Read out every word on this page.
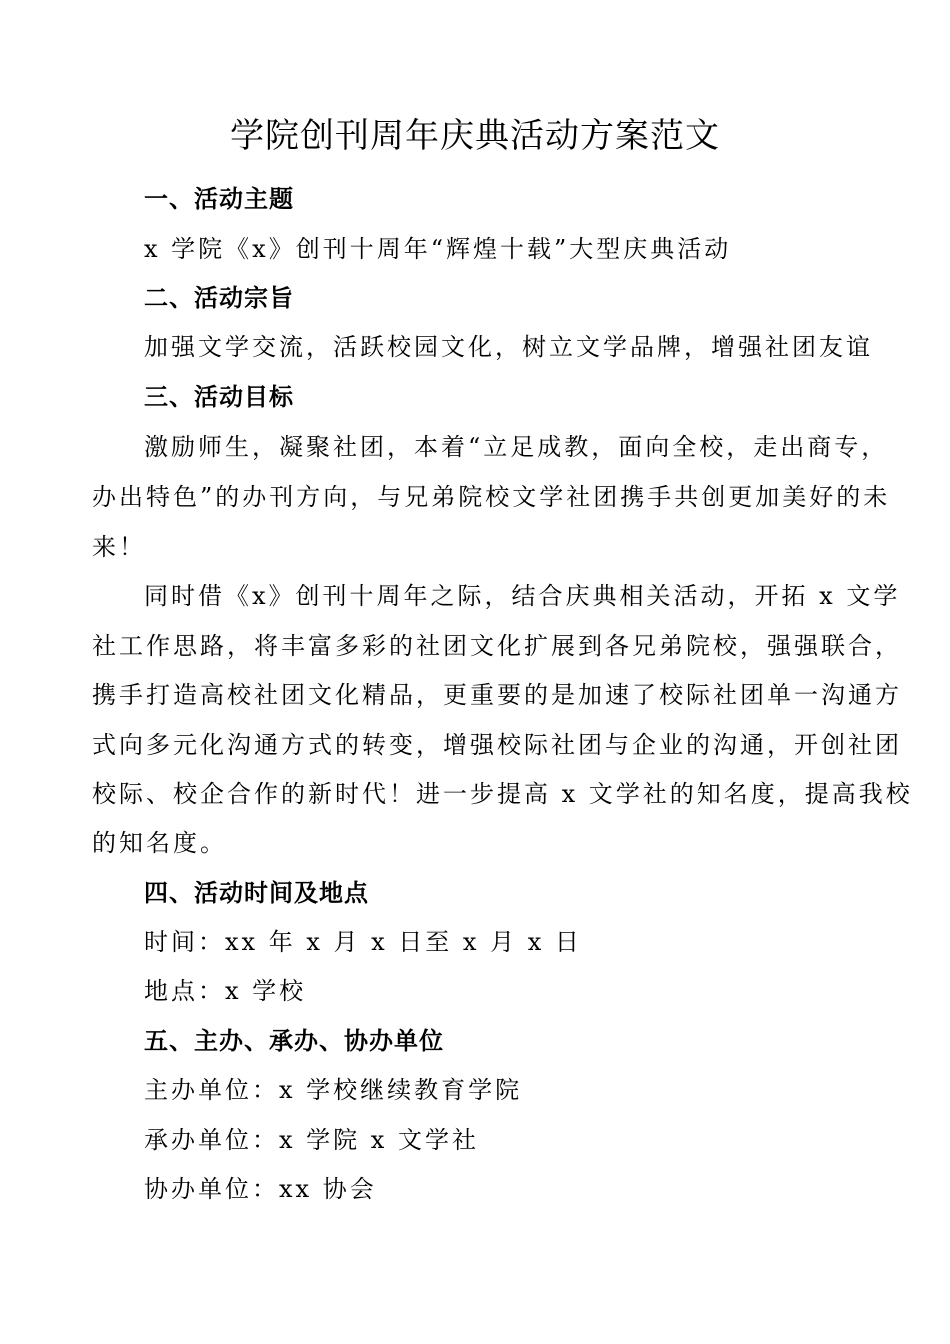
学院创刊周年庆典活动方案范文
一、活动主题
x 学院《x》创刊十周年“辉煌十载”大型庆典活动
二、活动宗旨
加强文学交流，活跃校园文化，树立文学品牌，增强社团友谊
三、活动目标
激励师生，凝聚社团，本着“立足成教，面向全校，走出商专，
办出特色”的办刊方向，与兄弟院校文学社团携手共创更加美好的未
来！
同时借《x》创刊十周年之际，结合庆典相关活动，开拓 x 文学
社工作思路，将丰富多彩的社团文化扩展到各兄弟院校，强强联合，
携手打造高校社团文化精品，更重要的是加速了校际社团单一沟通方
式向多元化沟通方式的转变，增强校际社团与企业的沟通，开创社团
校际、校企合作的新时代！进一步提高 x 文学社的知名度，提高我校
的知名度。
四、活动时间及地点
时间：xx 年 x 月 x 日至 x 月 x 日
地点：x 学校
五、主办、承办、协办单位
主办单位：x 学校继续教育学院
承办单位：x 学院 x 文学社
协办单位：xx 协会
